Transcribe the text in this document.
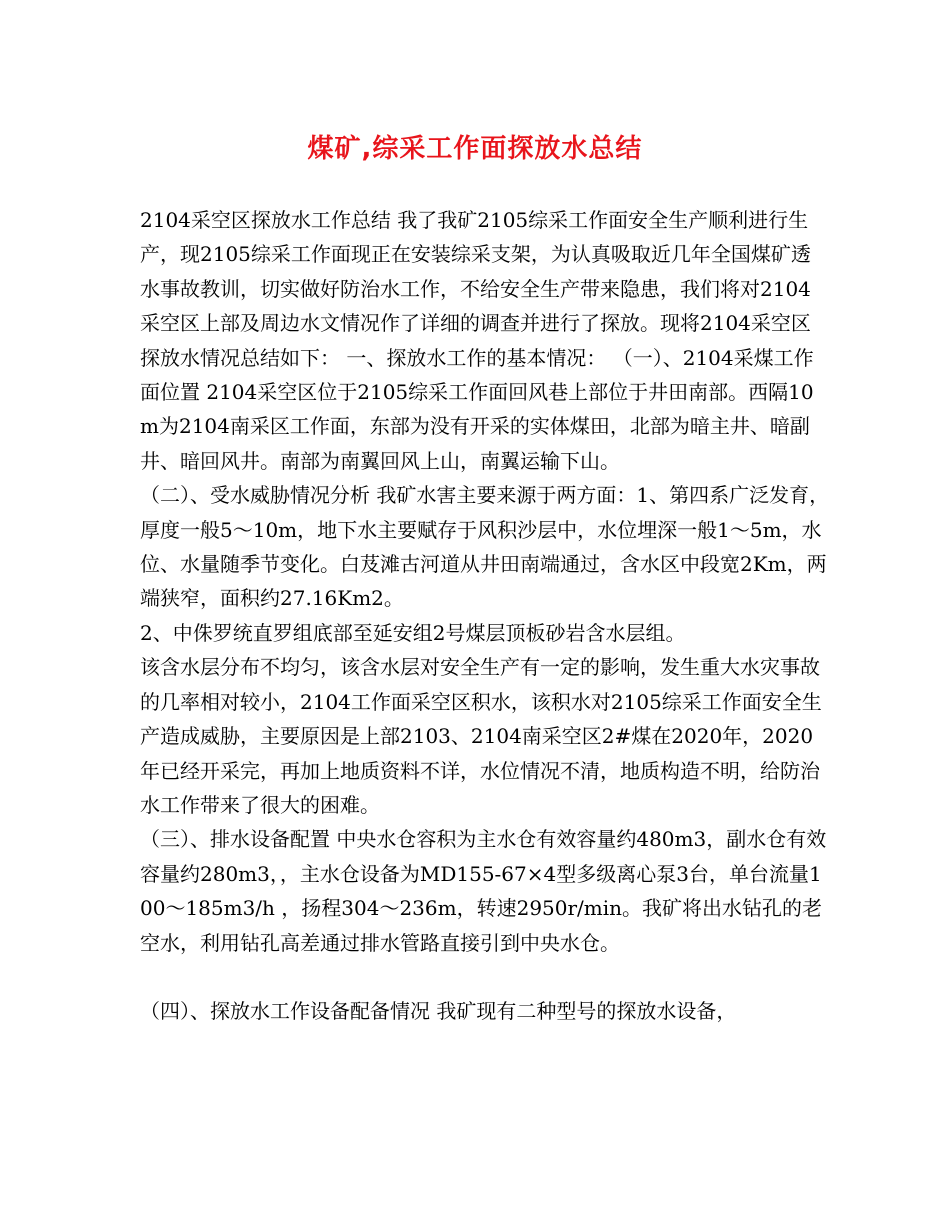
煤矿,综采工作面探放水总结

2104采空区探放水工作总结 我了我矿2105综采工作面安全生产顺利进行生产，现2105综采工作面现正在安装综采支架，为认真吸取近几年全国煤矿透水事故教训，切实做好防治水工作，不给安全生产带来隐患，我们将对2104采空区上部及周边水文情况作了详细的调查并进行了探放。现将2104采空区探放水情况总结如下： 一、探放水工作的基本情况： （一）、2104采煤工作面位置 2104采空区位于2105综采工作面回风巷上部位于井田南部。西隔10m为2104南采区工作面，东部为没有开采的实体煤田，北部为暗主井、暗副井、暗回风井。南部为南翼回风上山，南翼运输下山。

（二）、受水威胁情况分析 我矿水害主要来源于两方面：1、第四系广泛发育，厚度一般5～10m，地下水主要赋存于风积沙层中，水位埋深一般1～5m，水位、水量随季节变化。白芨滩古河道从井田南端通过，含水区中段宽2Km，两端狭窄，面积约27.16Km2。

2、中侏罗统直罗组底部至延安组2号煤层顶板砂岩含水层组。

该含水层分布不均匀，该含水层对安全生产有一定的影响，发生重大水灾事故的几率相对较小，2104工作面采空区积水，该积水对2105综采工作面安全生产造成威胁，主要原因是上部2103、2104南采空区2#煤在2020年，2020年已经开采完，再加上地质资料不详，水位情况不清，地质构造不明，给防治水工作带来了很大的困难。

（三）、排水设备配置 中央水仓容积为主水仓有效容量约480m3，副水仓有效容量约280m3，，主水仓设备为MD155-67×4型多级离心泵3台，单台流量100～185m3/h ，扬程304～236m，转速2950r/min。我矿将出水钻孔的老空水，利用钻孔高差通过排水管路直接引到中央水仓。

（四）、探放水工作设备配备情况 我矿现有二种型号的探放水设备，
